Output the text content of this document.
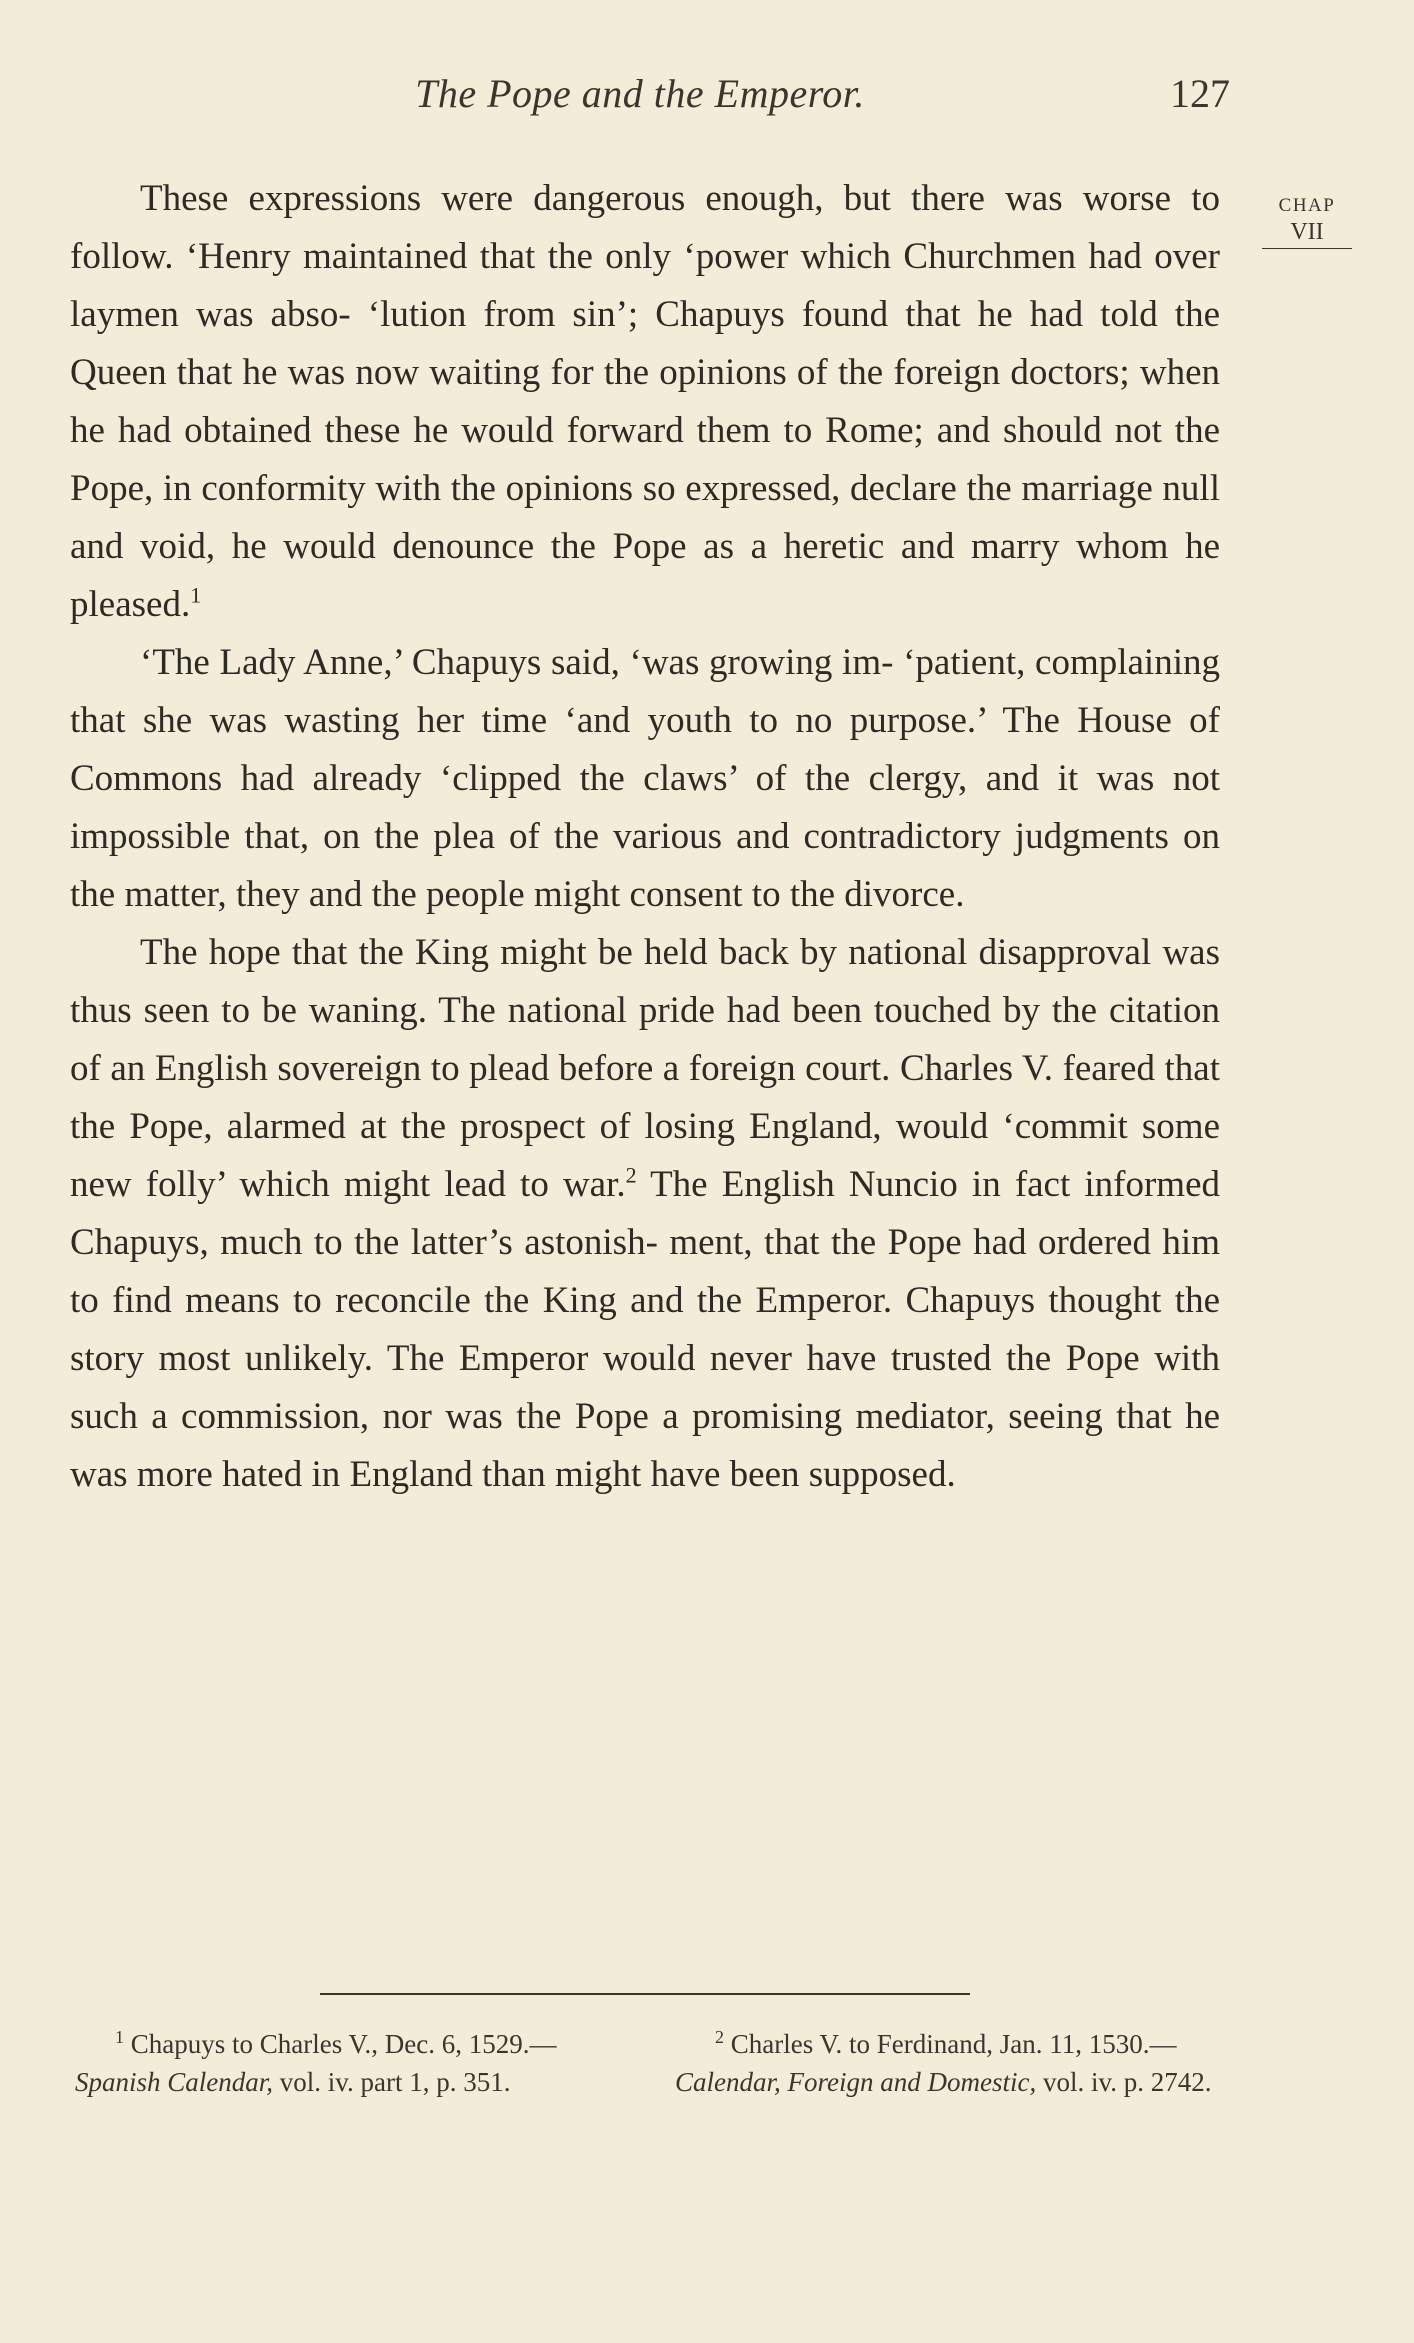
The Pope and the Emperor.	127
CHAP
VII

These expressions were dangerous enough, but there was worse to follow. ‘Henry maintained that the only ‘power which Churchmen had over laymen was abso- ‘lution from sin’; Chapuys found that he had told the Queen that he was now waiting for the opinions of the foreign doctors; when he had obtained these he would forward them to Rome; and should not the Pope, in conformity with the opinions so expressed, declare the marriage null and void, he would denounce the Pope as a heretic and marry whom he pleased.$^1$

‘The Lady Anne,’ Chapuys said, ‘was growing im- ‘patient, complaining that she was wasting her time ‘and youth to no purpose.’ The House of Commons had already ‘clipped the claws’ of the clergy, and it was not impossible that, on the plea of the various and contradictory judgments on the matter, they and the people might consent to the divorce.

The hope that the King might be held back by national disapproval was thus seen to be waning. The national pride had been touched by the citation of an English sovereign to plead before a foreign court. Charles V. feared that the Pope, alarmed at the prospect of losing England, would ‘commit some new folly’ which might lead to war.$^2$ The English Nuncio in fact informed Chapuys, much to the latter’s astonish- ment, that the Pope had ordered him to find means to reconcile the King and the Emperor. Chapuys thought the story most unlikely. The Emperor would never have trusted the Pope with such a commission, nor was the Pope a promising mediator, seeing that he was more hated in England than might have been supposed.

$^1$ Chapuys to Charles V., Dec. 6, 1529.—Spanish Calendar, vol. iv. part 1, p. 351.
$^2$ Charles V. to Ferdinand, Jan. 11, 1530.—Calendar, Foreign and Domestic, vol. iv. p. 2742.
